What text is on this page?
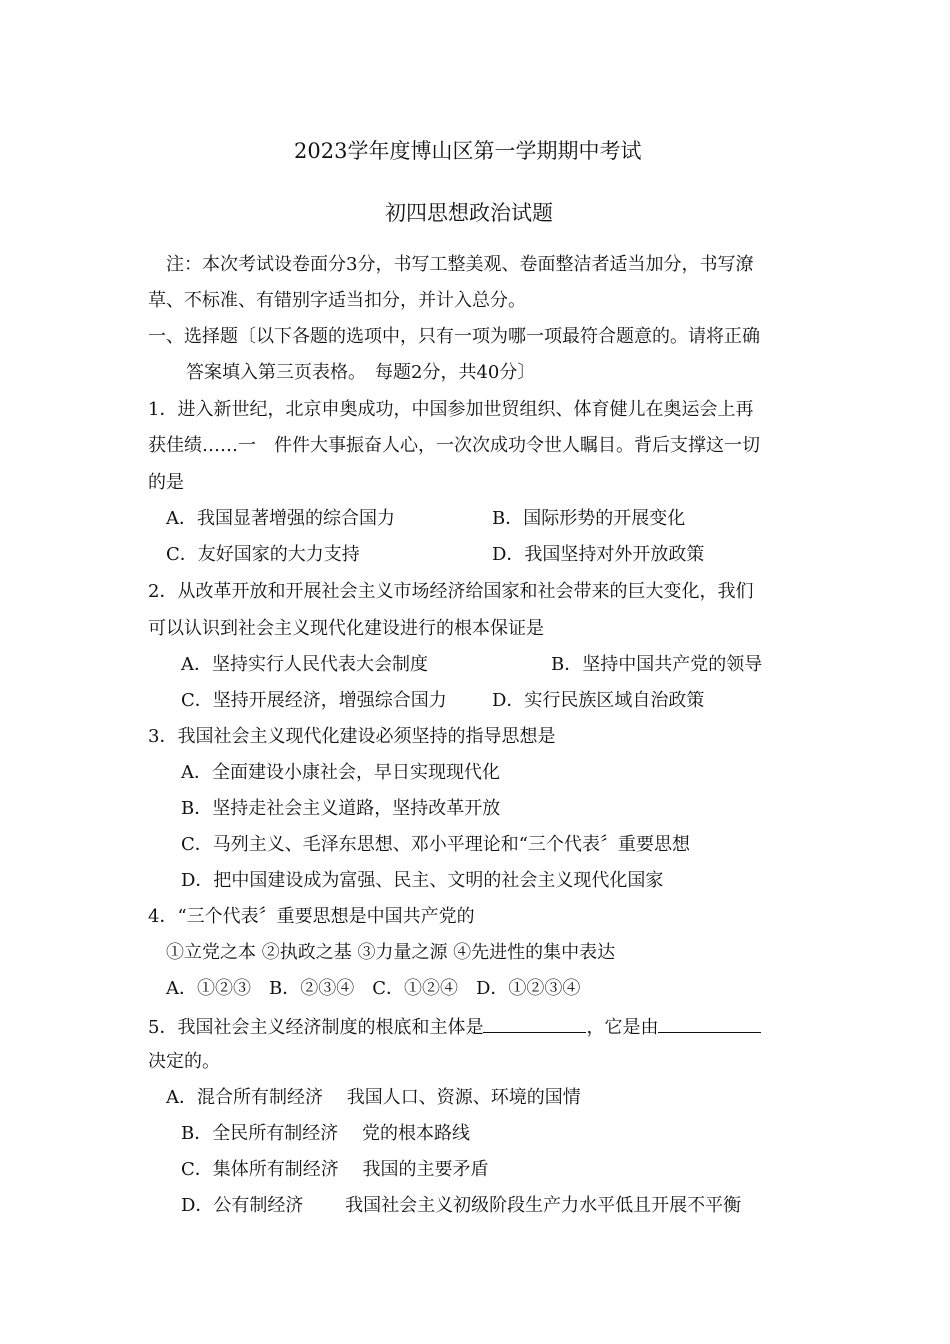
2023学年度博山区第一学期期中考试
初四思想政治试题
注：本次考试设卷面分3分，书写工整美观、卷面整洁者适当加分，书写潦
草、不标准、有错别字适当扣分，并计入总分。
一、选择题〔以下各题的选项中，只有一项为哪一项最符合题意的。请将正确
答案填入第三页表格。　每题2分，共40分〕
1．进入新世纪，北京申奥成功，中国参加世贸组织、体育健儿在奥运会上再
获佳绩……一　件件大事振奋人心，一次次成功令世人瞩目。背后支撑这一切
的是
A．我国显著增强的综合国力	B．国际形势的开展变化
C．友好国家的大力支持	D．我国坚持对外开放政策
2．从改革开放和开展社会主义市场经济给国家和社会带来的巨大变化，我们
可以认识到社会主义现代化建设进行的根本保证是
A．坚持实行人民代表大会制度	B．坚持中国共产党的领导
C．坚持开展经济，增强综合国力	D．实行民族区域自治政策
3．我国社会主义现代化建设必须坚持的指导思想是
A．全面建设小康社会，早日实现现代化
B．坚持走社会主义道路，坚持改革开放
C．马列主义、毛泽东思想、邓小平理论和“三个代表〞重要思想
D．把中国建设成为富强、民主、文明的社会主义现代化国家
4．“三个代表〞重要思想是中国共产党的
①立党之本 ②执政之基 ③力量之源 ④先进性的集中表达
A．①②③　B．②③④　C．①②④　D．①②③④
5．我国社会主义经济制度的根底和主体是	，它是由
决定的。
A．混合所有制经济　 我国人口、资源、环境的国情
B．全民所有制经济　 党的根本路线
C．集体所有制经济　 我国的主要矛盾
D．公有制经济　　 我国社会主义初级阶段生产力水平低且开展不平衡
